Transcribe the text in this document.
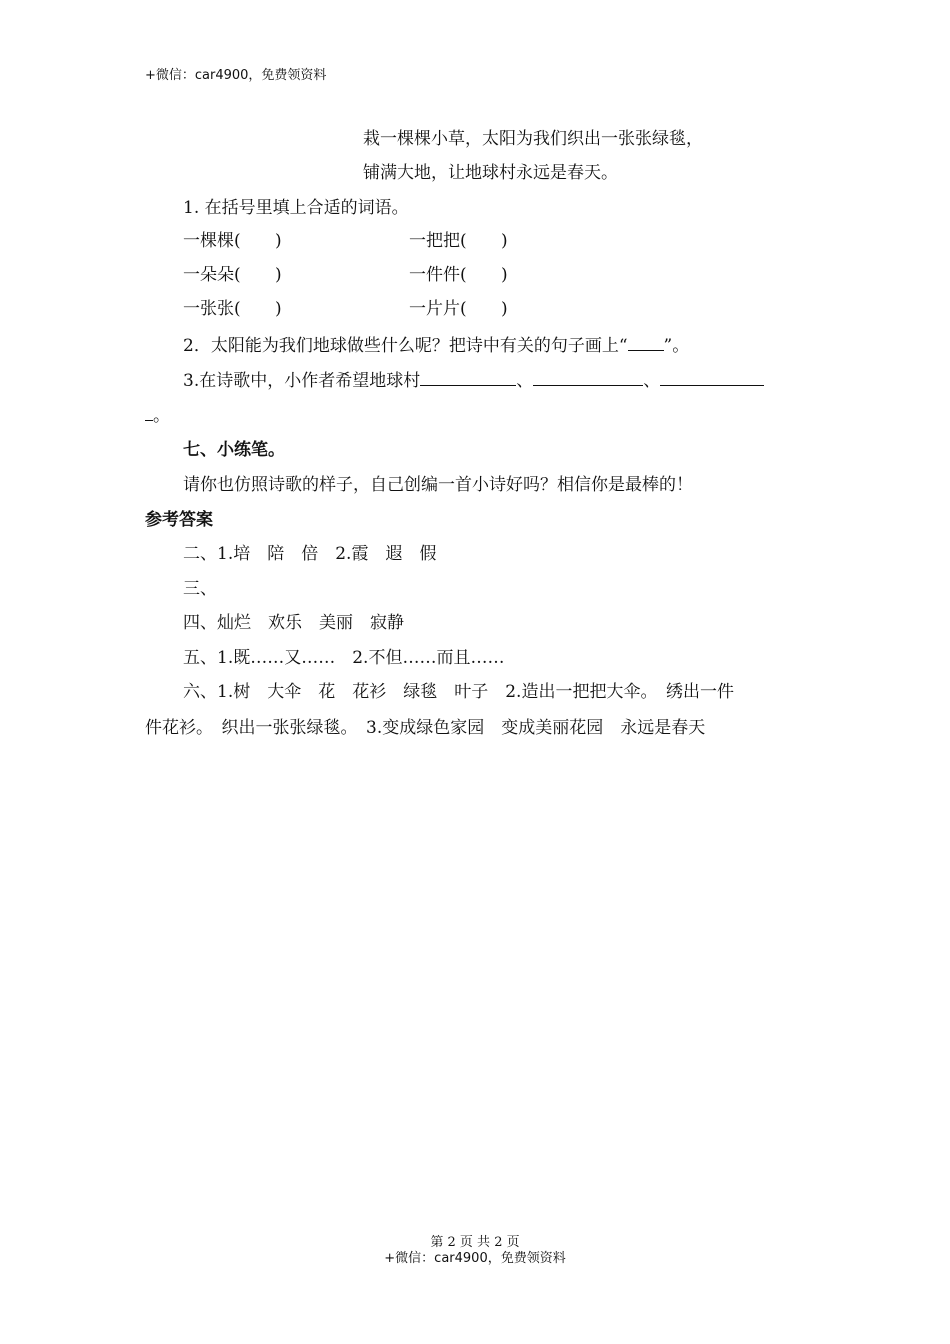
+微信：car4900，免费领资料
栽一棵棵小草，太阳为我们织出一张张绿毯，
铺满大地，让地球村永远是春天。
1. 在括号里填上合适的词语。
一棵棵( )	一把把( )
一朵朵( )	一件件( )
一张张( )	一片片( )
2．太阳能为我们地球做些什么呢？把诗中有关的句子画上“ ”。
3.在诗歌中，小作者希望地球村	、	、
。
七、小练笔。
请你也仿照诗歌的样子，自己创编一首小诗好吗？相信你是最棒的！
参考答案
二、1.培　陪　倍　2.霞　遐　假
三、
四、灿烂　欢乐　美丽　寂静
五、1.既……又……　2.不但……而且……
六、1.树　大伞　花　花衫　绿毯　叶子　2.造出一把把大伞。　绣出一件
件花衫。　织出一张张绿毯。　3.变成绿色家园　变成美丽花园　永远是春天
第 2 页 共 2 页
+微信：car4900，免费领资料
